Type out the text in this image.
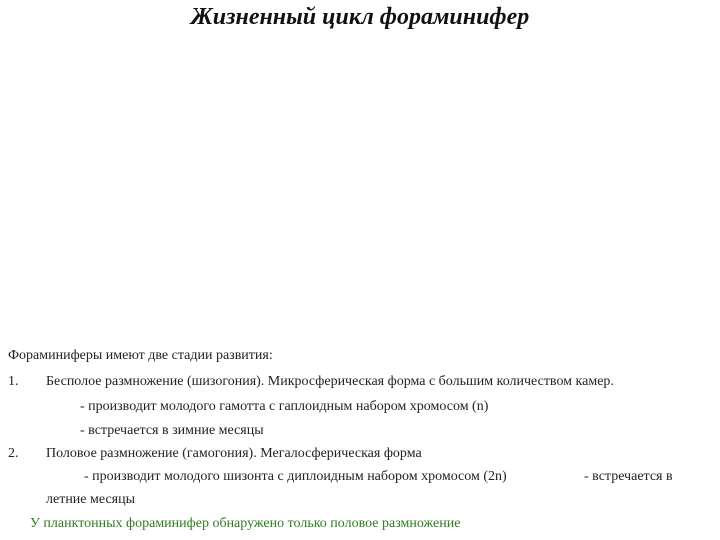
Жизненный цикл фораминифер
Фораминиферы имеют две стадии развития:
1. Бесполое размножение (шизогония). Микросферическая форма с большим количеством камер.
- производит молодого гамотта с гаплоидным набором хромосом (n)
- встречается в зимние месяцы
2. Половое размножение (гамогония). Мегалосферическая форма
- производит молодого шизонта с диплоидным набором хромосом (2n)	- встречается в
летние месяцы
У планктонных фораминифер обнаружено только половое размножение
